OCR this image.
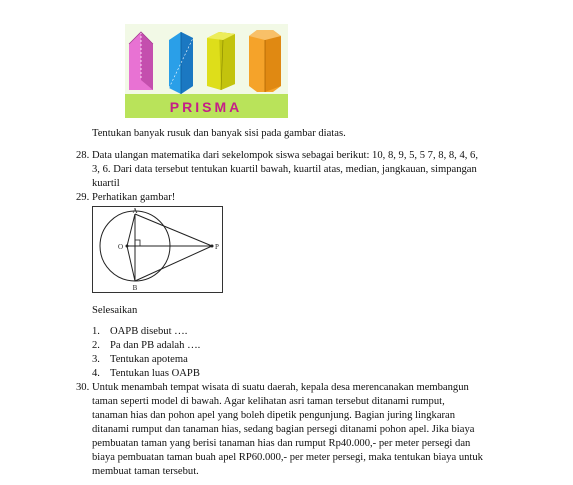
PRISMA
Tentukan banyak rusuk dan banyak sisi pada gambar diatas.
28. Data ulangan matematika dari sekelompok siswa sebagai berikut: 10, 8, 9, 5, 5 7, 8, 8, 4, 6,
3, 6. Dari data tersebut tentukan kuartil bawah, kuartil atas, median, jangkauan, simpangan
kuartil
29. Perhatikan gambar!
A
B
O	P
Selesaikan
1. OAPB disebut ….
2. Pa dan PB adalah ….
3. Tentukan apotema
4. Tentukan luas OAPB
30. Untuk menambah tempat wisata di suatu daerah, kepala desa merencanakan membangun
taman seperti model di bawah. Agar kelihatan asri taman tersebut ditanami rumput,
tanaman hias dan pohon apel yang boleh dipetik pengunjung. Bagian juring lingkaran
ditanami rumput dan tanaman hias, sedang bagian persegi ditanami pohon apel. Jika biaya
pembuatan taman yang berisi tanaman hias dan rumput Rp40.000,- per meter persegi dan
biaya pembuatan taman buah apel RP60.000,- per meter persegi, maka tentukan biaya untuk
membuat taman tersebut.
